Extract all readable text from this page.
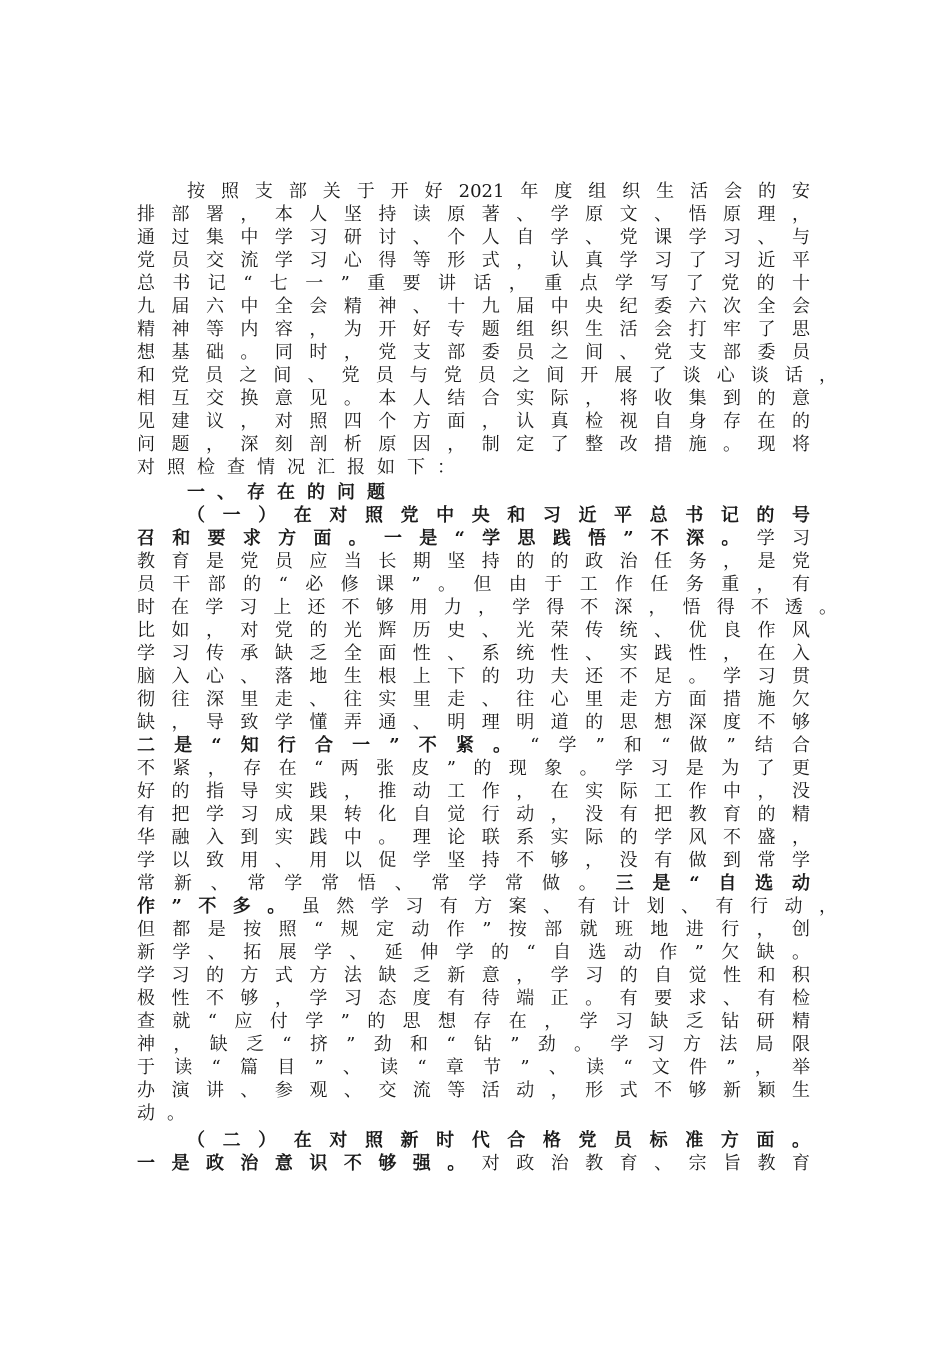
按照支部关于开好2021年度组织生活会的安
排部署，本人坚持读原著、学原文、悟原理，
通过集中学习研讨、个人自学、党课学习、与
党员交流学习心得等形式，认真学习了习近平
总书记“七一”重要讲话，重点学写了党的十
九届六中全会精神、十九届中央纪委六次全会
精神等内容，为开好专题组织生活会打牢了思
想基础。同时，党支部委员之间、党支部委员
和党员之间、党员与党员之间开展了谈心谈话，
相互交换意见。本人结合实际，将收集到的意
见建议，对照四个方面，认真检视自身存在的
问题，深刻剖析原因，制定了整改措施。现将
对照检查情况汇报如下：
一、存在的问题
（一）在对照党中央和习近平总书记的号
召和要求方面。一是“学思践悟”不深。学习
教育是党员应当长期坚持的的政治任务，是党
员干部的“必修课”。但由于工作任务重，有
时在学习上还不够用力，学得不深，悟得不透。
比如，对党的光辉历史、光荣传统、优良作风
学习传承缺乏全面性、系统性、实践性，在入
脑入心、落地生根上下的功夫还不足。学习贯
彻往深里走、往实里走、往心里走方面措施欠
缺，导致学懂弄通、明理明道的思想深度不够
二是“知行合一”不紧。“学”和“做”结合
不紧，存在“两张皮”的现象。学习是为了更
好的指导实践，推动工作，在实际工作中，没
有把学习成果转化自觉行动，没有把教育的精
华融入到实践中。理论联系实际的学风不盛，
学以致用、用以促学坚持不够，没有做到常学
常新、常学常悟、常学常做。三是“自选动
作”不多。虽然学习有方案、有计划、有行动，
但都是按照“规定动作”按部就班地进行，创
新学、拓展学、延伸学的“自选动作”欠缺。
学习的方式方法缺乏新意，学习的自觉性和积
极性不够，学习态度有待端正。有要求、有检
查就“应付学”的思想存在，学习缺乏钻研精
神，缺乏“挤”劲和“钻”劲。学习方法局限
于读“篇目”、读“章节”、读“文件”，举
办演讲、参观、交流等活动，形式不够新颖生
动。
（二）在对照新时代合格党员标准方面。
一是政治意识不够强。对政治教育、宗旨教育
